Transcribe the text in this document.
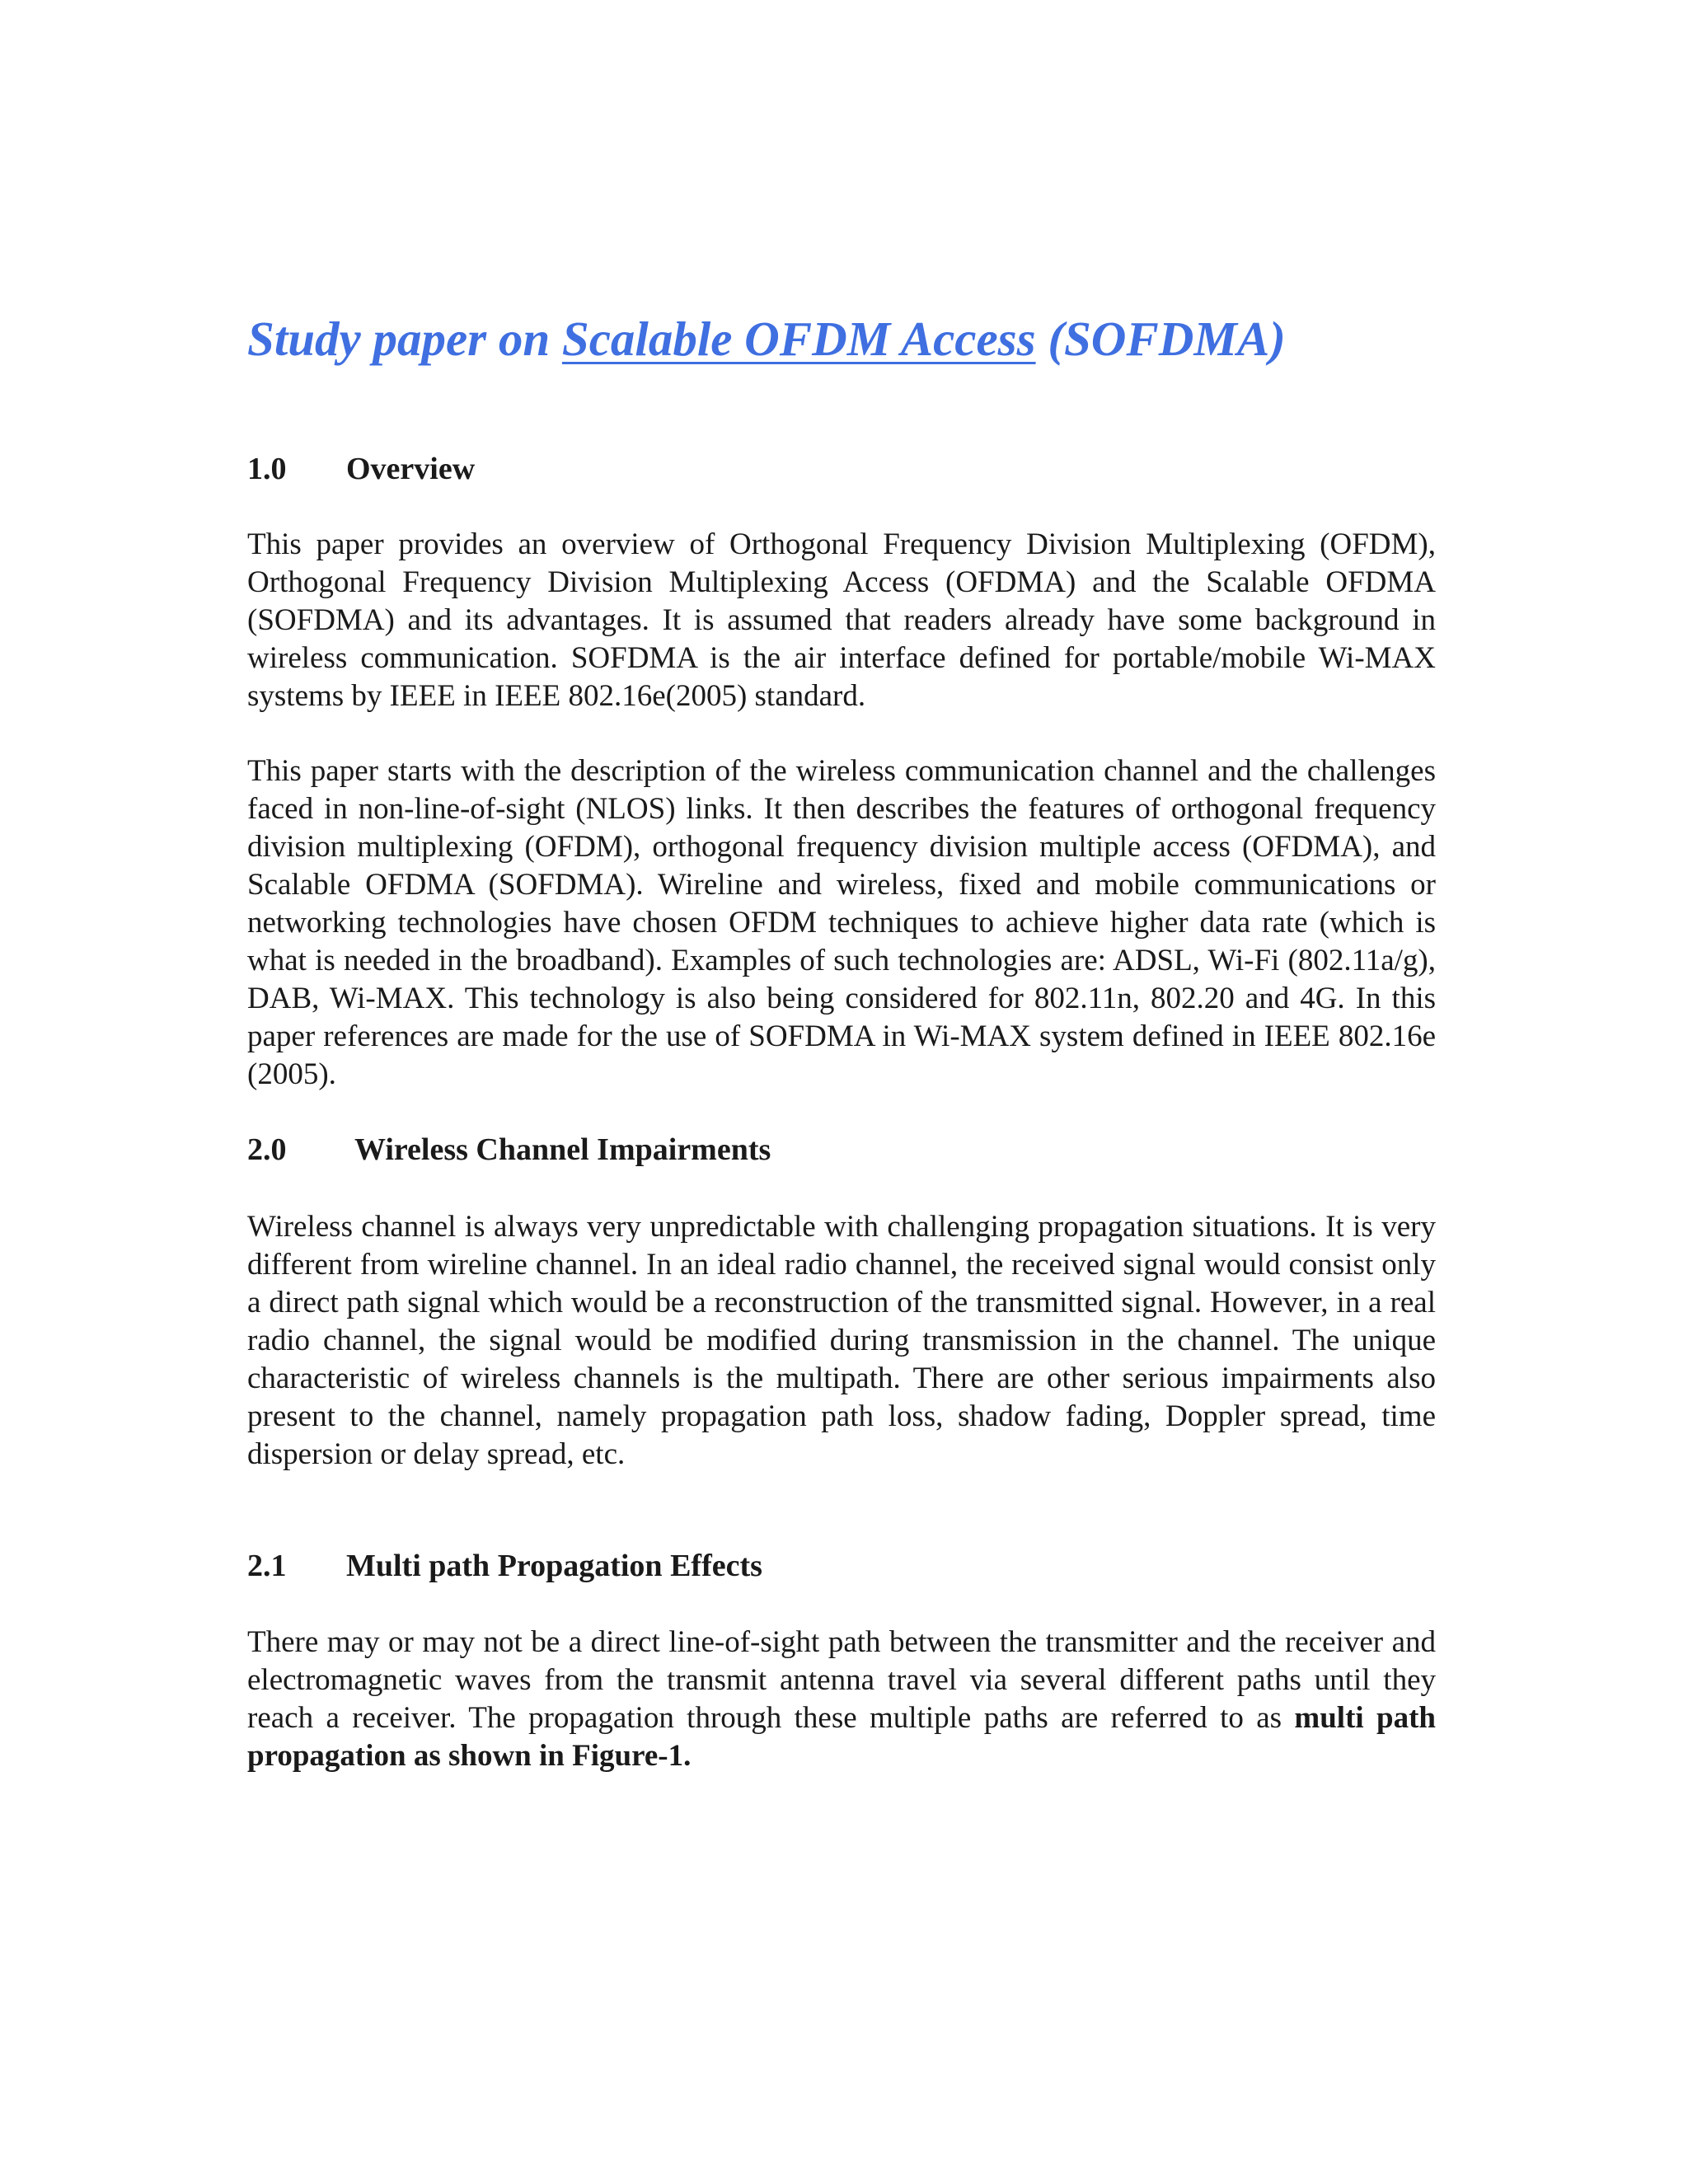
Study paper on Scalable OFDM Access (SOFDMA)
1.0 Overview

This paper provides an overview of Orthogonal Frequency Division Multiplexing (OFDM), Orthogonal Frequency Division Multiplexing Access (OFDMA) and the Scalable OFDMA (SOFDMA) and its advantages. It is assumed that readers already have some background in wireless communication. SOFDMA is the air interface defined for portable/mobile Wi-MAX systems by IEEE in IEEE 802.16e(2005) standard.

This paper starts with the description of the wireless communication channel and the challenges faced in non-line-of-sight (NLOS) links. It then describes the features of orthogonal frequency division multiplexing (OFDM), orthogonal frequency division multiple access (OFDMA), and Scalable OFDMA (SOFDMA). Wireline and wireless, fixed and mobile communications or networking technologies have chosen OFDM techniques to achieve higher data rate (which is what is needed in the broadband). Examples of such technologies are: ADSL, Wi-Fi (802.11a/g), DAB, Wi-MAX. This technology is also being considered for 802.11n, 802.20 and 4G. In this paper references are made for the use of SOFDMA in Wi-MAX system defined in IEEE 802.16e (2005).

2.0 Wireless Channel Impairments

Wireless channel is always very unpredictable with challenging propagation situations. It is very different from wireline channel. In an ideal radio channel, the received signal would consist only a direct path signal which would be a reconstruction of the transmitted signal. However, in a real radio channel, the signal would be modified during transmission in the channel. The unique characteristic of wireless channels is the multipath. There are other serious impairments also present to the channel, namely propagation path loss, shadow fading, Doppler spread, time dispersion or delay spread, etc.

2.1 Multi path Propagation Effects

There may or may not be a direct line-of-sight path between the transmitter and the receiver and electromagnetic waves from the transmit antenna travel via several different paths until they reach a receiver. The propagation through these multiple paths are referred to as multi path propagation as shown in Figure-1.
